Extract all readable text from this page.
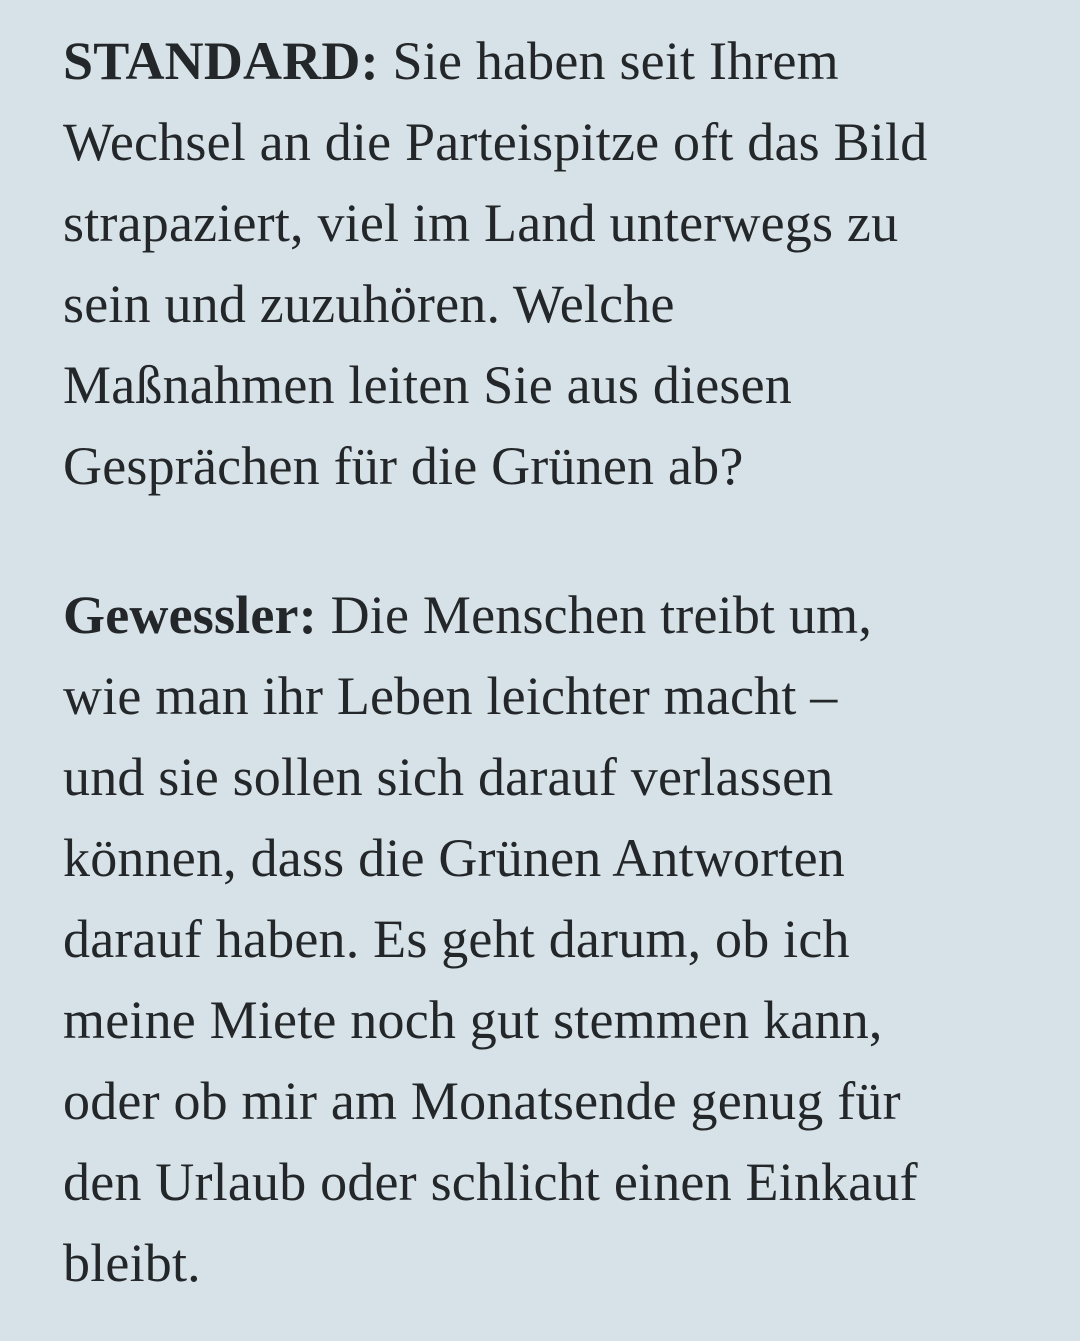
STANDARD: Sie haben seit Ihrem
Wechsel an die Parteispitze oft das Bild
strapaziert, viel im Land unterwegs zu
sein und zuzuhören. Welche
Maßnahmen leiten Sie aus diesen
Gesprächen für die Grünen ab?

Gewessler: Die Menschen treibt um,
wie man ihr Leben leichter macht –
und sie sollen sich darauf verlassen
können, dass die Grünen Antworten
darauf haben. Es geht darum, ob ich
meine Miete noch gut stemmen kann,
oder ob mir am Monatsende genug für
den Urlaub oder schlicht einen Einkauf
bleibt.
